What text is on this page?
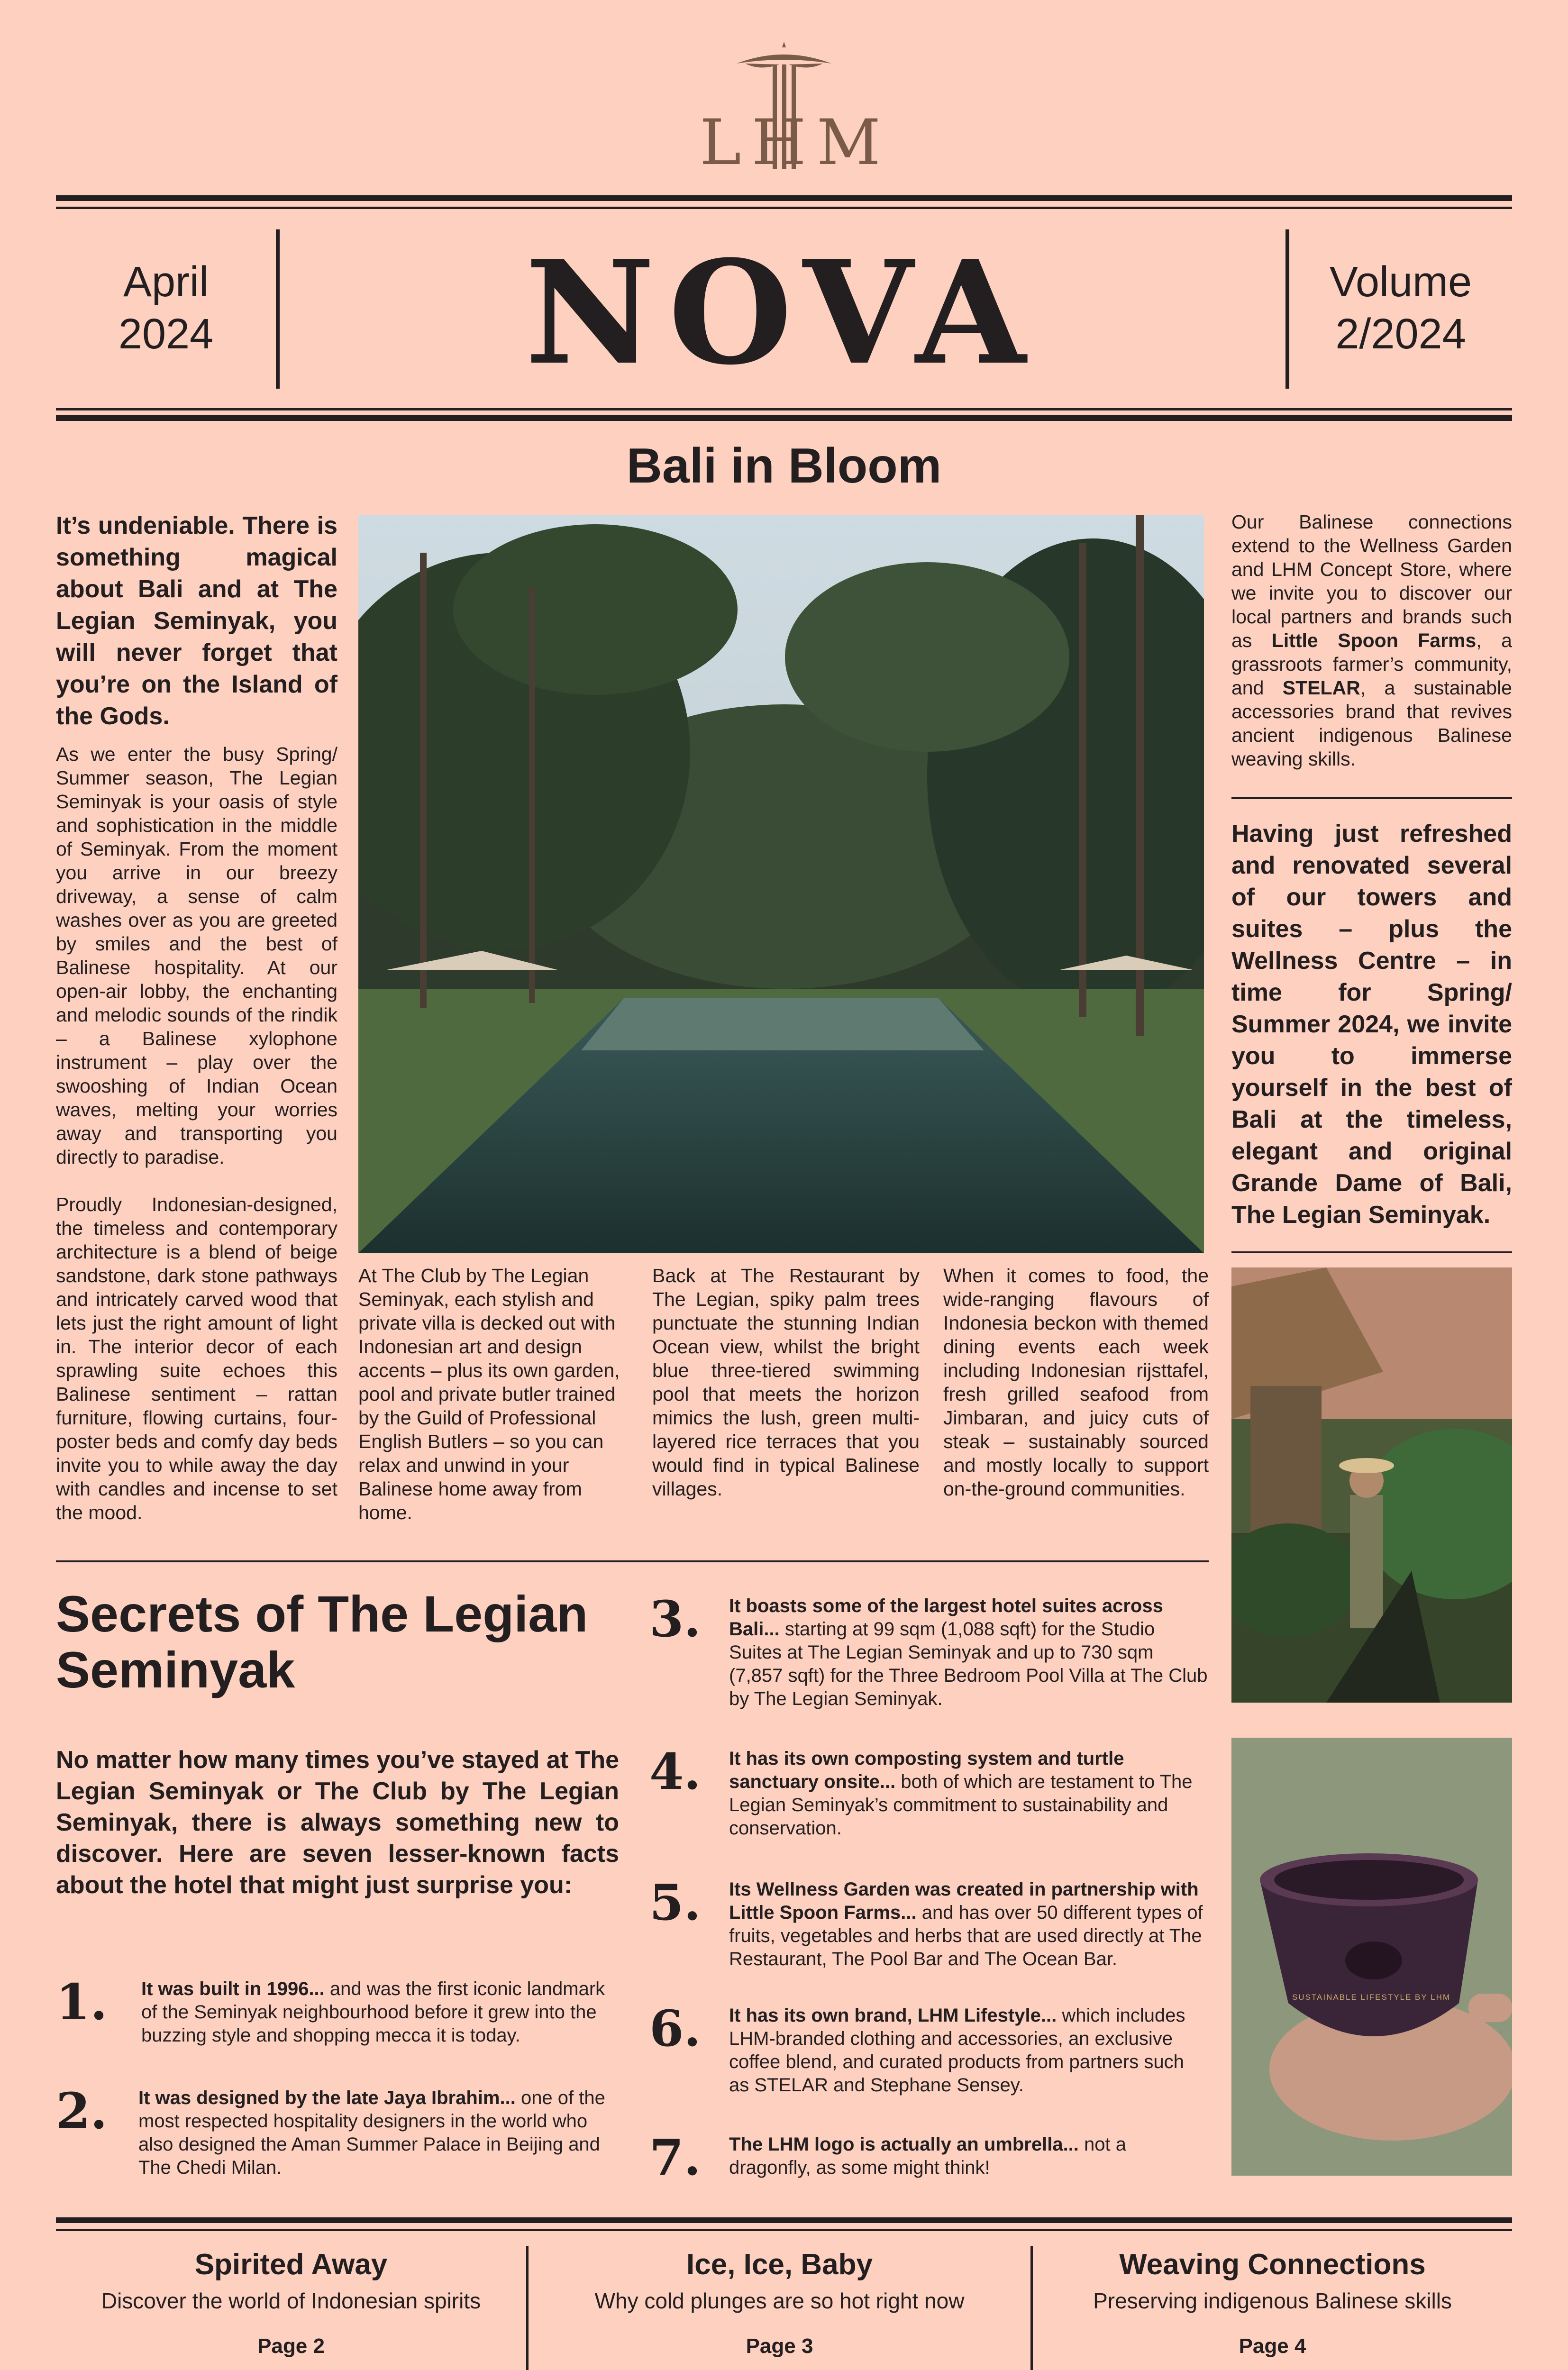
LHM
April
2024	NOVA	Volume
2/2024
Bali in Bloom
It’s undeniable. There is something magical about Bali and at The Legian Seminyak, you will never forget that you’re on the Island of the Gods.

As we enter the busy Spring/ Summer season, The Legian Seminyak is your oasis of style and sophistication in the middle of Seminyak. From the moment you arrive in our breezy driveway, a sense of calm washes over as you are greeted by smiles and the best of Balinese hospitality. At our open-air lobby, the enchanting and melodic sounds of the rindik – a Balinese xylophone instrument – play over the swooshing of Indian Ocean waves, melting your worries away and transporting you directly to paradise.

Proudly Indonesian-designed, the timeless and contemporary architecture is a blend of beige sandstone, dark stone pathways and intricately carved wood that lets just the right amount of light in. The interior decor of each sprawling suite echoes this Balinese sentiment – rattan furniture, flowing curtains, four-poster beds and comfy day beds invite you to while away the day with candles and incense to set the mood.

At The Club by The Legian Seminyak, each stylish and private villa is decked out with Indonesian art and design accents – plus its own garden, pool and private butler trained by the Guild of Professional English Butlers – so you can relax and unwind in your Balinese home away from home.
Back at The Restaurant by The Legian, spiky palm trees punctuate the stunning Indian Ocean view, whilst the bright blue three-tiered swimming pool that meets the horizon mimics the lush, green multi-layered rice terraces that you would find in typical Balinese villages.
When it comes to food, the wide-ranging flavours of Indonesia beckon with themed dining events each week including Indonesian rijsttafel, fresh grilled seafood from Jimbaran, and juicy cuts of steak – sustainably sourced and mostly locally to support on-the-ground communities.
Our Balinese connections extend to the Wellness Garden and LHM Concept Store, where we invite you to discover our local partners and brands such as Little Spoon Farms, a grassroots farmer’s community, and STELAR, a sustainable accessories brand that revives ancient indigenous Balinese weaving skills.
Having just refreshed and renovated several of our towers and suites – plus the Wellness Centre – in time for Spring/ Summer 2024, we invite you to immerse yourself in the best of Bali at the timeless, elegant and original Grande Dame of Bali, The Legian Seminyak.
SUSTAINABLE LIFESTYLE BY LHM
Secrets of The Legian
Seminyak
No matter how many times you’ve stayed at The Legian Seminyak or The Club by The Legian Seminyak, there is always something new to discover. Here are seven lesser-known facts about the hotel that might just surprise you:
1. It was built in 1996... and was the first iconic landmark of the Seminyak neighbourhood before it grew into the buzzing style and shopping mecca it is today.
2. It was designed by the late Jaya Ibrahim... one of the most respected hospitality designers in the world who also designed the Aman Summer Palace in Beijing and The Chedi Milan.
3. It boasts some of the largest hotel suites across Bali... starting at 99 sqm (1,088 sqft) for the Studio Suites at The Legian Seminyak and up to 730 sqm (7,857 sqft) for the Three Bedroom Pool Villa at The Club by The Legian Seminyak.
4. It has its own composting system and turtle sanctuary onsite... both of which are testament to The Legian Seminyak’s commitment to sustainability and conservation.
5. Its Wellness Garden was created in partnership with Little Spoon Farms... and has over 50 different types of fruits, vegetables and herbs that are used directly at The Restaurant, The Pool Bar and The Ocean Bar.
6. It has its own brand, LHM Lifestyle... which includes LHM-branded clothing and accessories, an exclusive coffee blend, and curated products from partners such as STELAR and Stephane Sensey.
7. The LHM logo is actually an umbrella... not a dragonfly, as some might think!
Spirited Away
Discover the world of Indonesian spirits
Page 2
Ice, Ice, Baby
Why cold plunges are so hot right now
Page 3
Weaving Connections
Preserving indigenous Balinese skills
Page 4
